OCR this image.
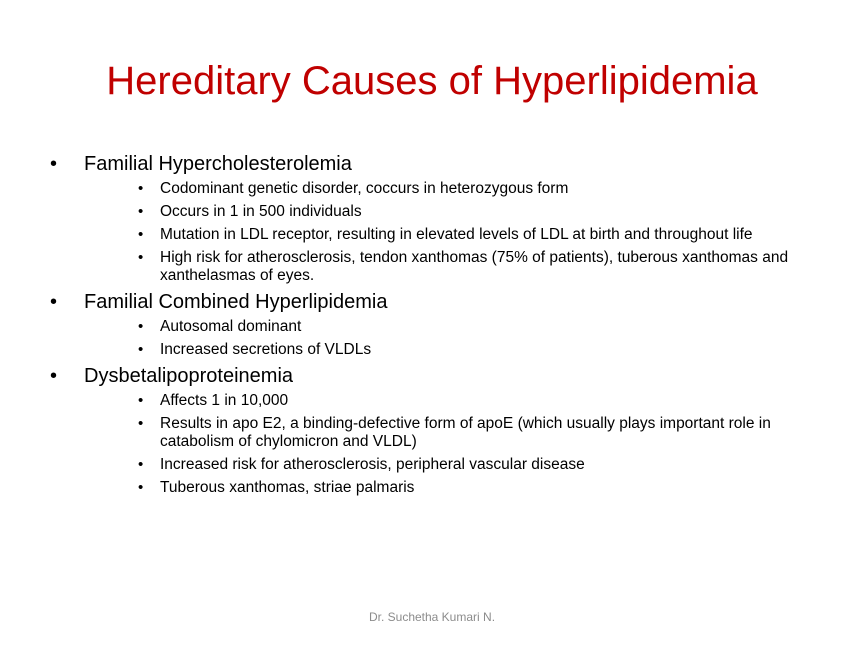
Hereditary Causes of Hyperlipidemia
• Familial Hypercholesterolemia
• Codominant genetic disorder, coccurs in heterozygous form
• Occurs in 1 in 500 individuals
• Mutation in LDL receptor, resulting in elevated levels of LDL at birth and throughout life
• High risk for atherosclerosis, tendon xanthomas (75% of patients), tuberous xanthomas and xanthelasmas of eyes.
• Familial Combined Hyperlipidemia
• Autosomal dominant
• Increased secretions of VLDLs
• Dysbetalipoproteinemia
• Affects 1 in 10,000
• Results in apo E2, a binding-defective form of apoE (which usually plays important role in catabolism of chylomicron and VLDL)
• Increased risk for atherosclerosis, peripheral vascular disease
• Tuberous xanthomas, striae palmaris
Dr. Suchetha Kumari N.
